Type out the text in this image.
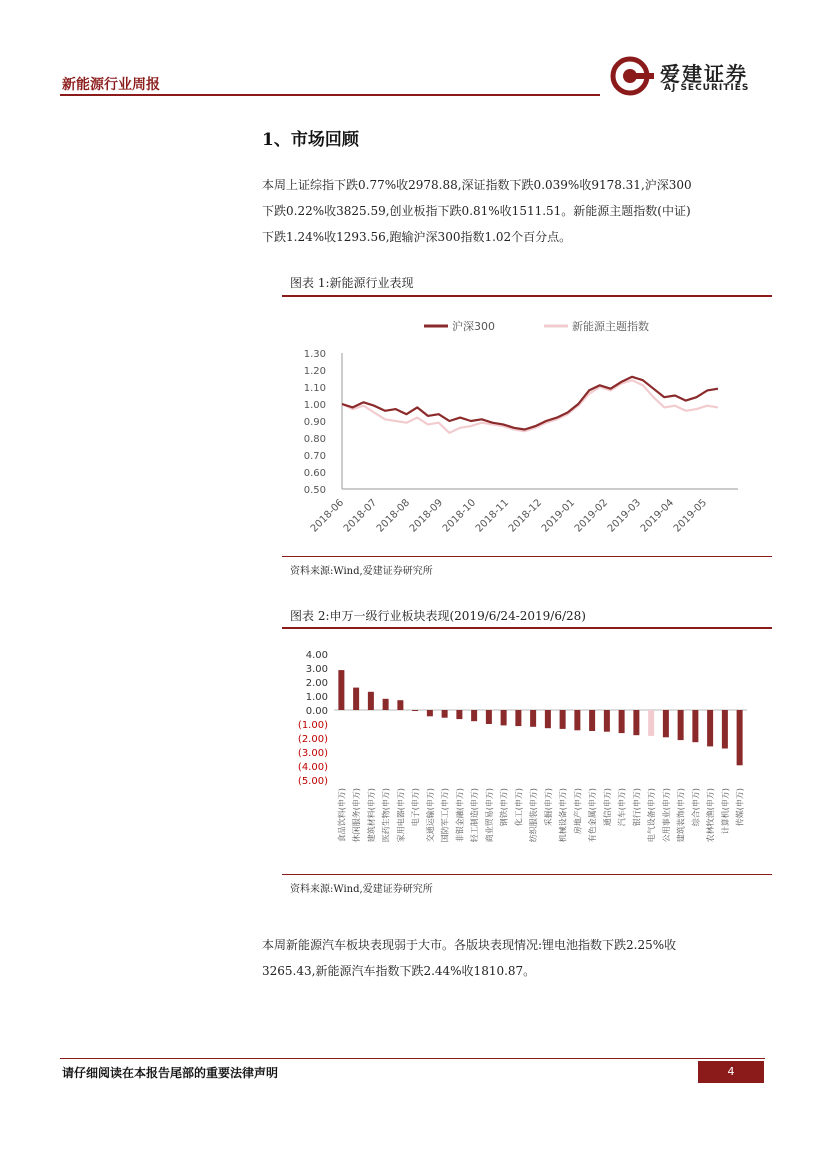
新能源行业周报	爱建证券
AJ SECURITIES
1、市场回顾
本周上证综指下跌0.77%收2978.88,深证指数下跌0.039%收9178.31,沪深300
下跌0.22%收3825.59,创业板指下跌0.81%收1511.51。新能源主题指数(中证)
下跌1.24%收1293.56,跑输沪深300指数1.02个百分点。
图表 1:新能源行业表现
沪深300	新能源主题指数
1.30
1.20
1.10
1.00
0.90
0.80
0.70
0.60
0.50
2018-06
2018-07
2018-08
2018-09
2018-10
2018-11
2018-12
2019-01
2019-02
2019-03
2019-04
2019-05
资料来源:Wind,爱建证券研究所
图表 2:申万一级行业板块表现(2019/6/24-2019/6/28)
4.00
3.00
2.00
1.00
0.00
(1.00)
(2.00)
(3.00)
(4.00)
(5.00)
食品饮料(申万) 休闲服务(申万) 建筑材料(申万) 医药生物(申万) 家用电器(申万) 电子(申万) 交通运输(申万) 国防军工(申万) 非银金融(申万) 轻工制造(申万) 商业贸易(申万) 钢铁(申万) 化工(申万) 纺织服装(申万) 采掘(申万) 机械设备(申万) 房地产(申万) 有色金属(申万) 通信(申万) 汽车(申万) 银行(申万) 电气设备(申万) 公用事业(申万) 建筑装饰(申万) 综合(申万) 农林牧渔(申万) 计算机(申万) 传媒(申万)
资料来源:Wind,爱建证券研究所
本周新能源汽车板块表现弱于大市。各版块表现情况:锂电池指数下跌2.25%收
3265.43,新能源汽车指数下跌2.44%收1810.87。
请仔细阅读在本报告尾部的重要法律声明	4
